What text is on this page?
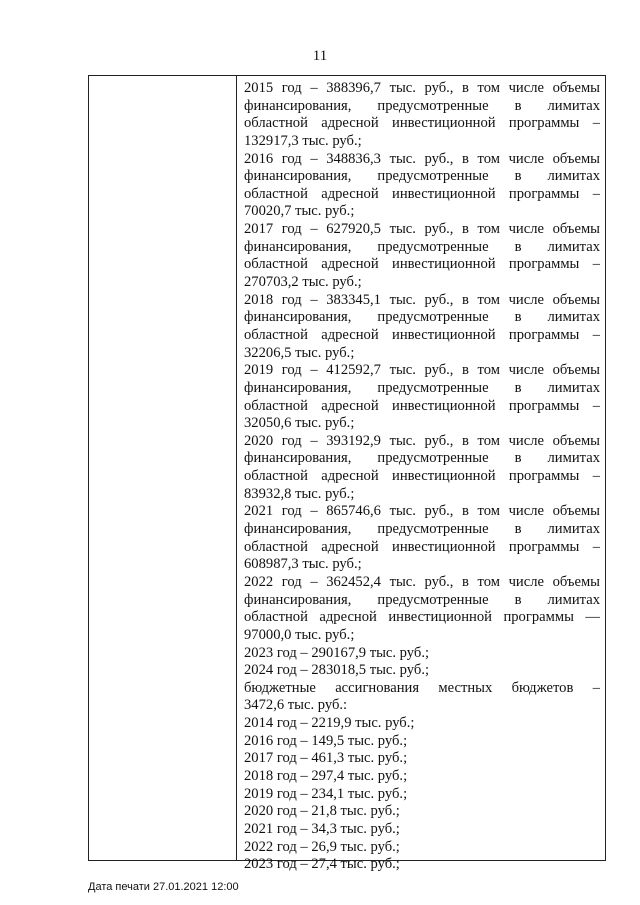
11
2015 год – 388396,7 тыс. руб., в том числе объемы
финансирования, предусмотренные в лимитах
областной адресной инвестиционной программы –
132917,3 тыс. руб.;
2016 год – 348836,3 тыс. руб., в том числе объемы
финансирования, предусмотренные в лимитах
областной адресной инвестиционной программы –
70020,7 тыс. руб.;
2017 год – 627920,5 тыс. руб., в том числе объемы
финансирования, предусмотренные в лимитах
областной адресной инвестиционной программы –
270703,2 тыс. руб.;
2018 год – 383345,1 тыс. руб., в том числе объемы
финансирования, предусмотренные в лимитах
областной адресной инвестиционной программы –
32206,5 тыс. руб.;
2019 год – 412592,7 тыс. руб., в том числе объемы
финансирования, предусмотренные в лимитах
областной адресной инвестиционной программы –
32050,6 тыс. руб.;
2020 год – 393192,9 тыс. руб., в том числе объемы
финансирования, предусмотренные в лимитах
областной адресной инвестиционной программы –
83932,8 тыс. руб.;
2021 год – 865746,6 тыс. руб., в том числе объемы
финансирования, предусмотренные в лимитах
областной адресной инвестиционной программы –
608987,3 тыс. руб.;
2022 год – 362452,4 тыс. руб., в том числе объемы
финансирования, предусмотренные в лимитах
областной адресной инвестиционной программы —
97000,0 тыс. руб.;
2023 год – 290167,9 тыс. руб.;
2024 год – 283018,5 тыс. руб.;
бюджетные ассигнования местных бюджетов –
3472,6 тыс. руб.:
2014 год – 2219,9 тыс. руб.;
2016 год – 149,5 тыс. руб.;
2017 год – 461,3 тыс. руб.;
2018 год – 297,4 тыс. руб.;
2019 год – 234,1 тыс. руб.;
2020 год – 21,8 тыс. руб.;
2021 год – 34,3 тыс. руб.;
2022 год – 26,9 тыс. руб.;
2023 год – 27,4 тыс. руб.;
Дата печати 27.01.2021 12:00
